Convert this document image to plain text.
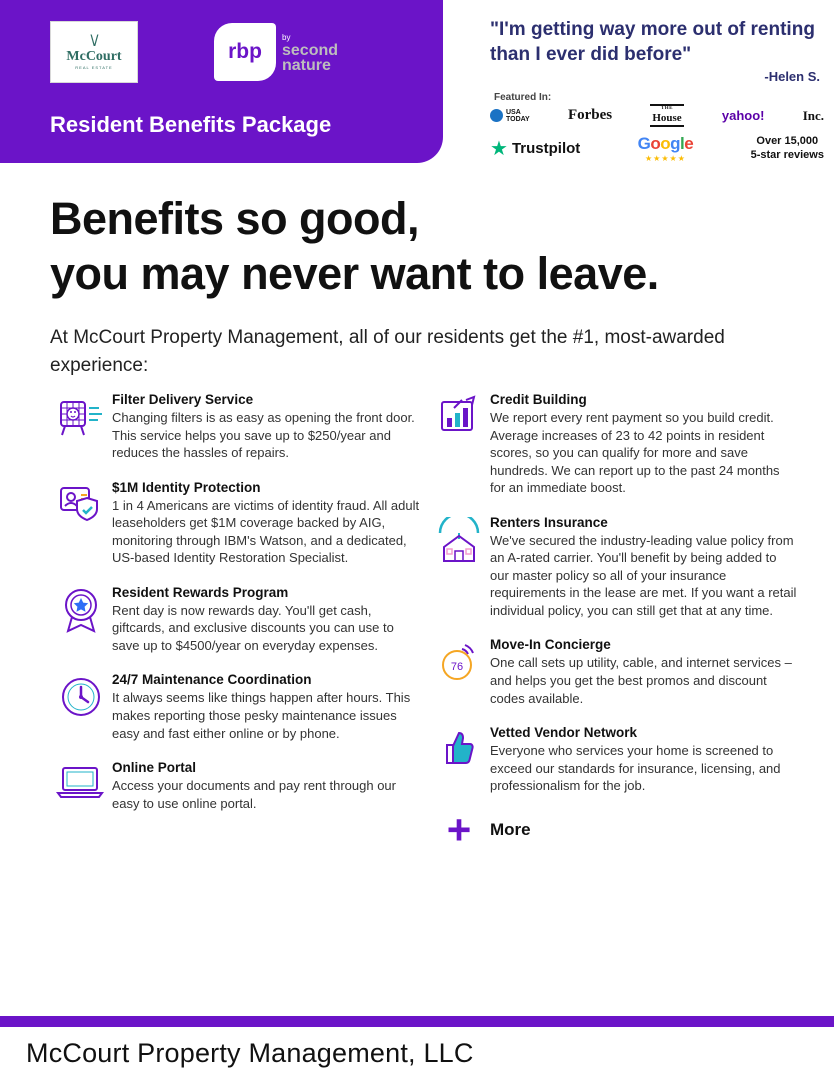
\/
McCourt
REAL ESTATE
rbp
by
second
nature
Resident Benefits Package
"I'm getting way more out of renting than I ever did before"
-Helen S.
Featured In:
USA
TODAY	Forbes	THE
House	yahoo!	Inc.
★ Trustpilot	Google
★★★★★
Over 15,000
5-star reviews
Benefits so good,
you may never want to leave.
At McCourt Property Management, all of our residents get the #1, most-awarded experience:
Filter Delivery Service
Changing filters is as easy as opening the front door. This service helps you save up to $250/year and reduces the hassles of repairs.
$1M Identity Protection
1 in 4 Americans are victims of identity fraud. All adult leaseholders get $1M coverage backed by AIG, monitoring through IBM's Watson, and a dedicated, US-based Identity Restoration Specialist.
Resident Rewards Program
Rent day is now rewards day. You'll get cash, giftcards, and exclusive discounts you can use to save up to $4500/year on everyday expenses.
24/7 Maintenance Coordination
It always seems like things happen after hours. This makes reporting those pesky maintenance issues easy and fast either online or by phone.
Online Portal
Access your documents and pay rent through our easy to use online portal.
Credit Building
We report every rent payment so you build credit. Average increases of 23 to 42 points in resident scores, so you can qualify for more and save hundreds. We can report up to the past 24 months for an immediate boost.
Renters Insurance
We've secured the industry-leading value policy from an A-rated carrier. You'll benefit by being added to our master policy so all of your insurance requirements in the lease are met. If you want a retail individual policy, you can still get that at any time.
76
Move-In Concierge
One call sets up utility, cable, and internet services – and helps you get the best promos and discount codes available.
Vetted Vendor Network
Everyone who services your home is screened to exceed our standards for insurance, licensing, and professionalism for the job.
+	More
McCourt Property Management, LLC
